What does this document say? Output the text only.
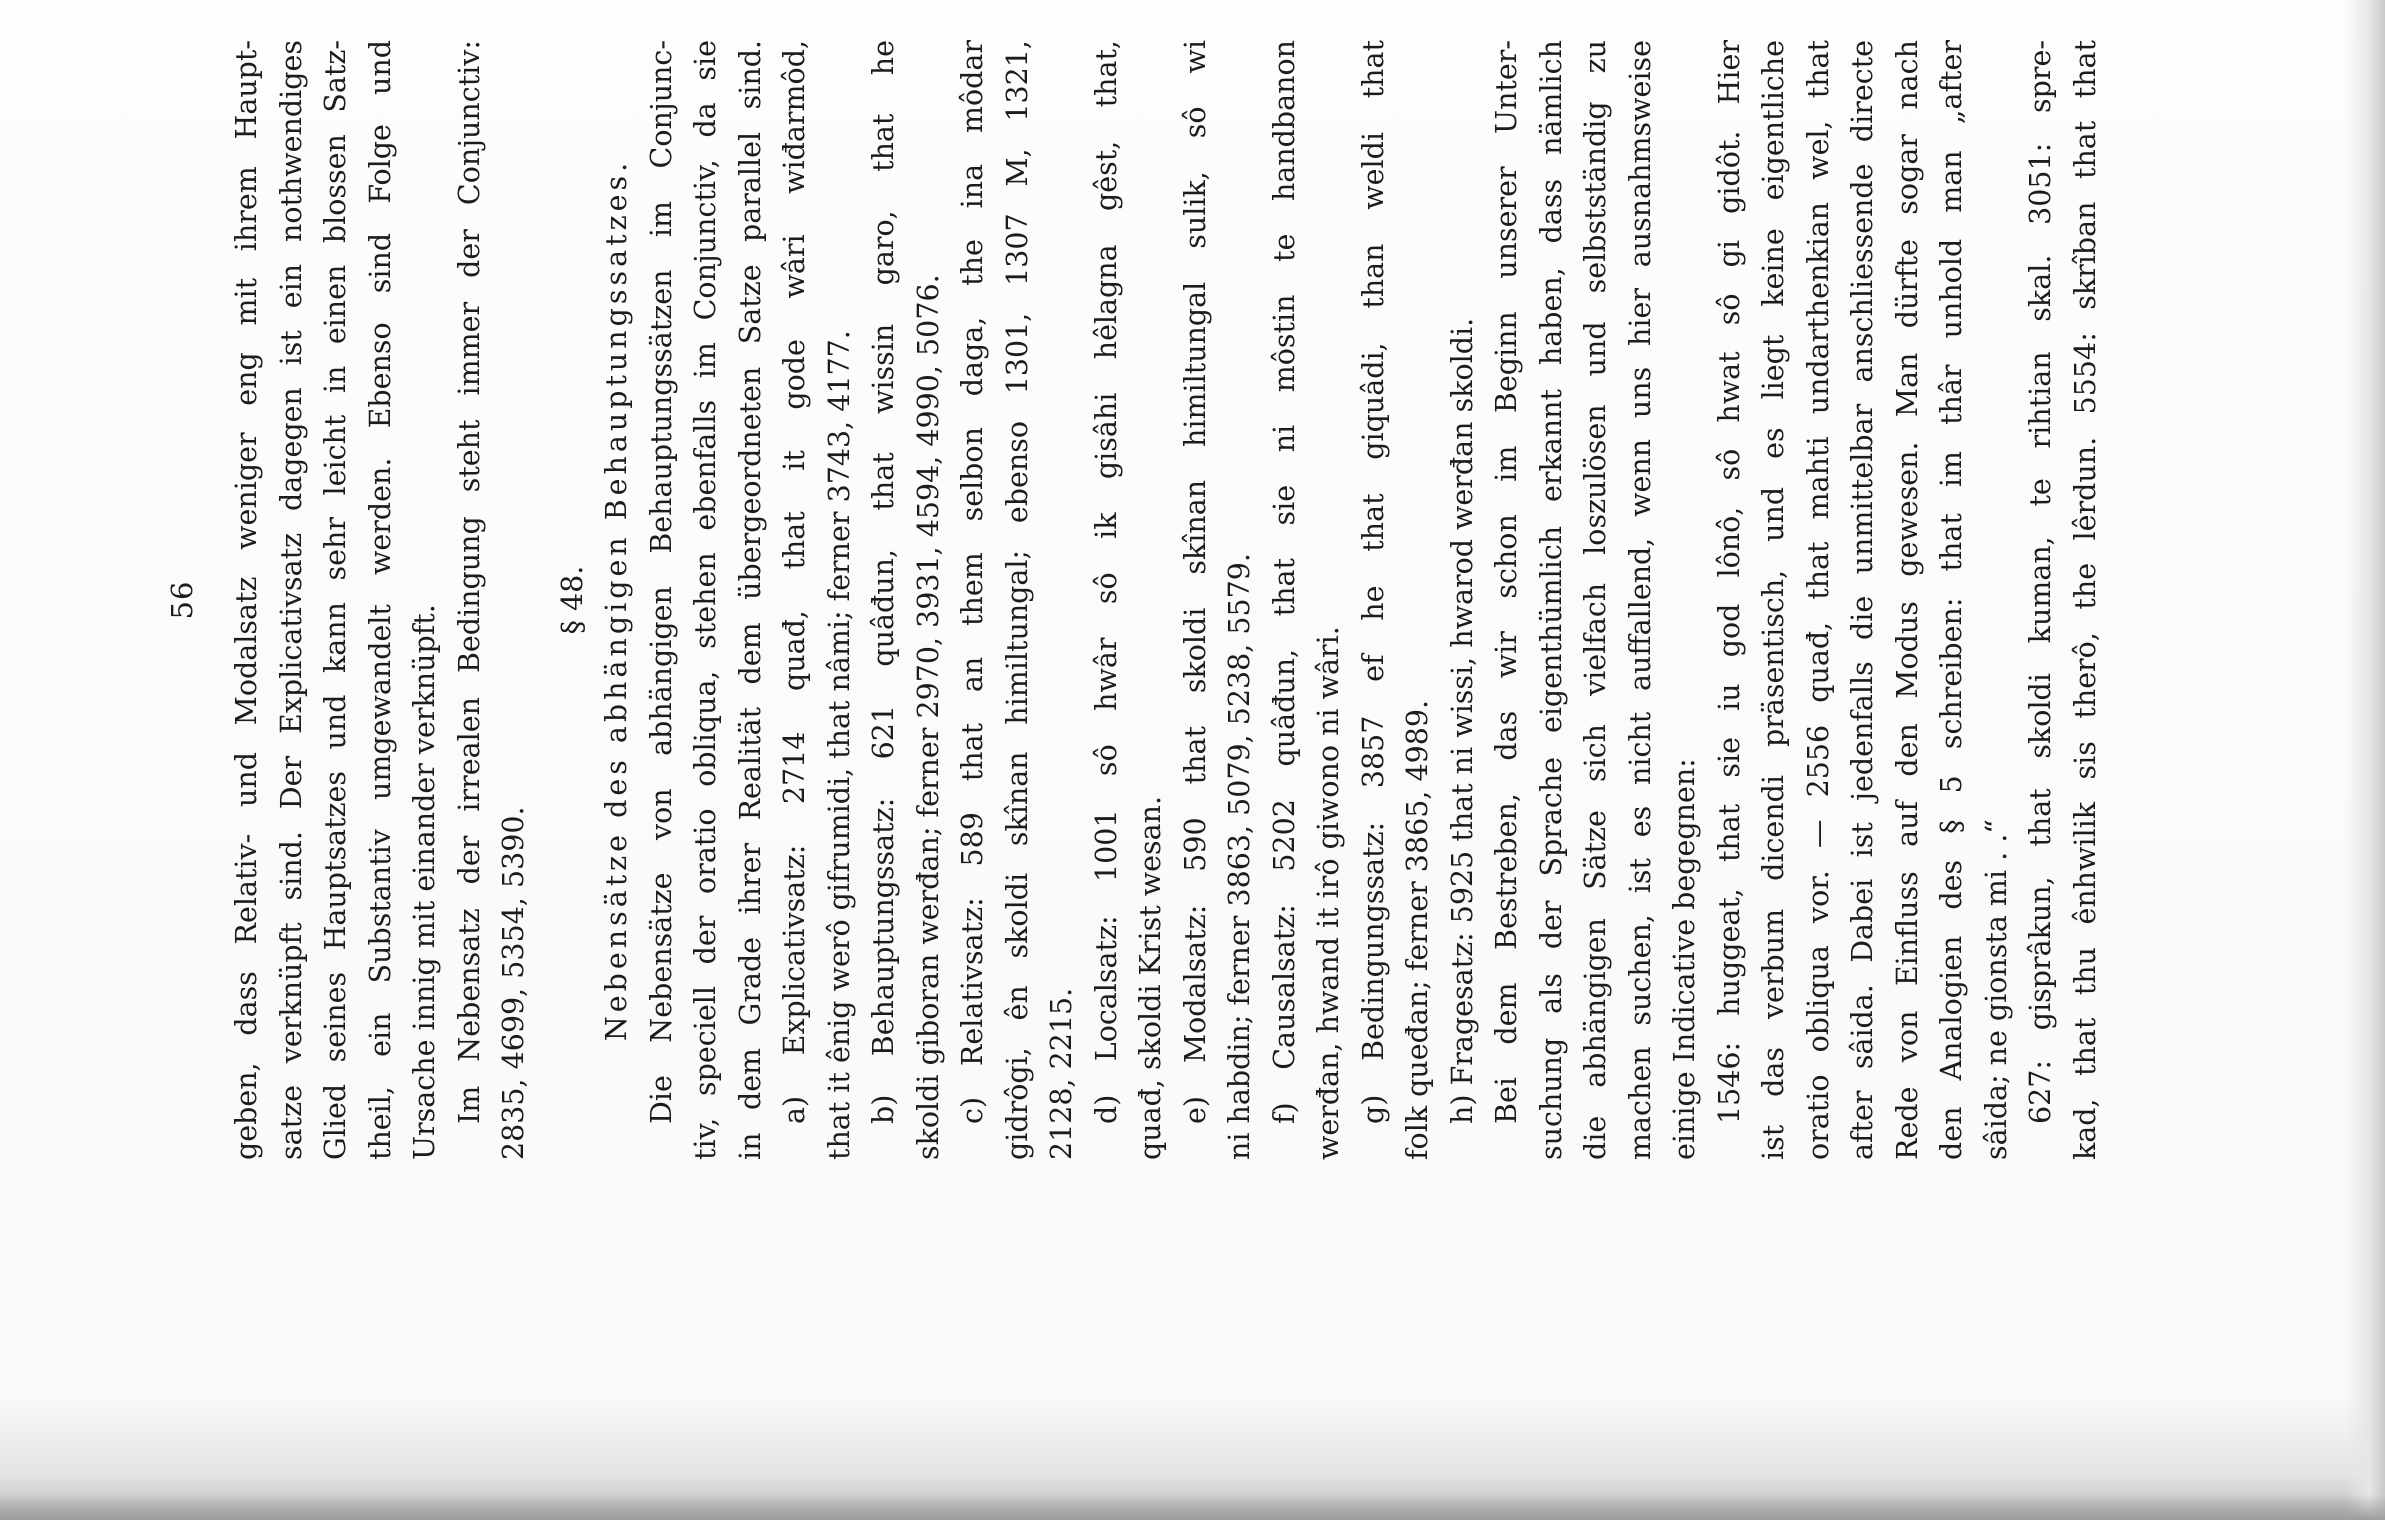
56 geben, dass Relativ- und Modalsatz weniger eng mit ihrem Haupt- satze verknüpft sind. Der Explicativsatz dagegen ist ein nothwendiges Glied seines Hauptsatzes und kann sehr leicht in einen blossen Satz- theil, ein Substantiv umgewandelt werden. Ebenso sind Folge und Ursache innig mit einander verknüpft. Im Nebensatz der irrealen Bedingung steht immer der Conjunctiv: 2835, 4699, 5354, 5390.
§ 48. Nebensätze des abhängigen Behauptungssatzes. Die Nebensätze von abhängigen Behauptungssätzen im Conjunc- tiv, speciell der oratio obliqua, stehen ebenfalls im Conjunctiv, da sie in dem Grade ihrer Realität dem übergeordneten Satze parallel sind. a) Explicativsatz: 2714 quađ, that it gode wâri wiđarmôd, that it ênig werô gifrumidi, that nâmi; ferner 3743, 4177. b) Behauptungssatz: 621 quâđun, that wissin garo, that he skoldi giboran werđan; ferner 2970, 3931, 4594, 4990, 5076. c) Relativsatz: 589 that an them selbon daga, the ina môdar gidrôgi, ên skoldi skînan himiltungal; ebenso 1301, 1307 M, 1321, 2128, 2215. d) Localsatz: 1001 sô hwâr sô ik gisâhi hêlagna gêst, that, quađ, skoldi Krist wesan. e) Modalsatz: 590 that skoldi skînan himiltungal sulik, sô wi ni habdin; ferner 3863, 5079, 5238, 5579. f) Causalsatz: 5202 quâđun, that sie ni môstin te handbanon werđan, hwand it irô giwono ni wâri. g) Bedingungssatz: 3857 ef he that giquâdi, than weldi that folk queđan; ferner 3865, 4989. h) Fragesatz: 5925 that ni wissi, hwarod werđan skoldi. Bei dem Bestreben, das wir schon im Beginn unserer Unter- suchung als der Sprache eigenthümlich erkannt haben, dass nämlich die abhängigen Sätze sich vielfach loszulösen und selbstständig zu machen suchen, ist es nicht auffallend, wenn uns hier ausnahmsweise einige Indicative begegnen: 1546: huggeat, that sie iu god lônô, sô hwat sô gi gidôt. Hier ist das verbum dicendi präsentisch, und es liegt keine eigentliche oratio obliqua vor. — 2556 quađ, that mahti undarthenkian wel, that after sâida. Dabei ist jedenfalls die unmittelbar anschliessende directe Rede von Einfluss auf den Modus gewesen. Man dürfte sogar nach den Analogien des § 5 schreiben: that im thâr unhold man „after sâida; ne gionsta mi . .“ 627: gisprâkun, that skoldi kuman, te rihtian skal. 3051: spre- kad, that thu ênhwilik sis therô, the lêrdun. 5554: skrîban that that
